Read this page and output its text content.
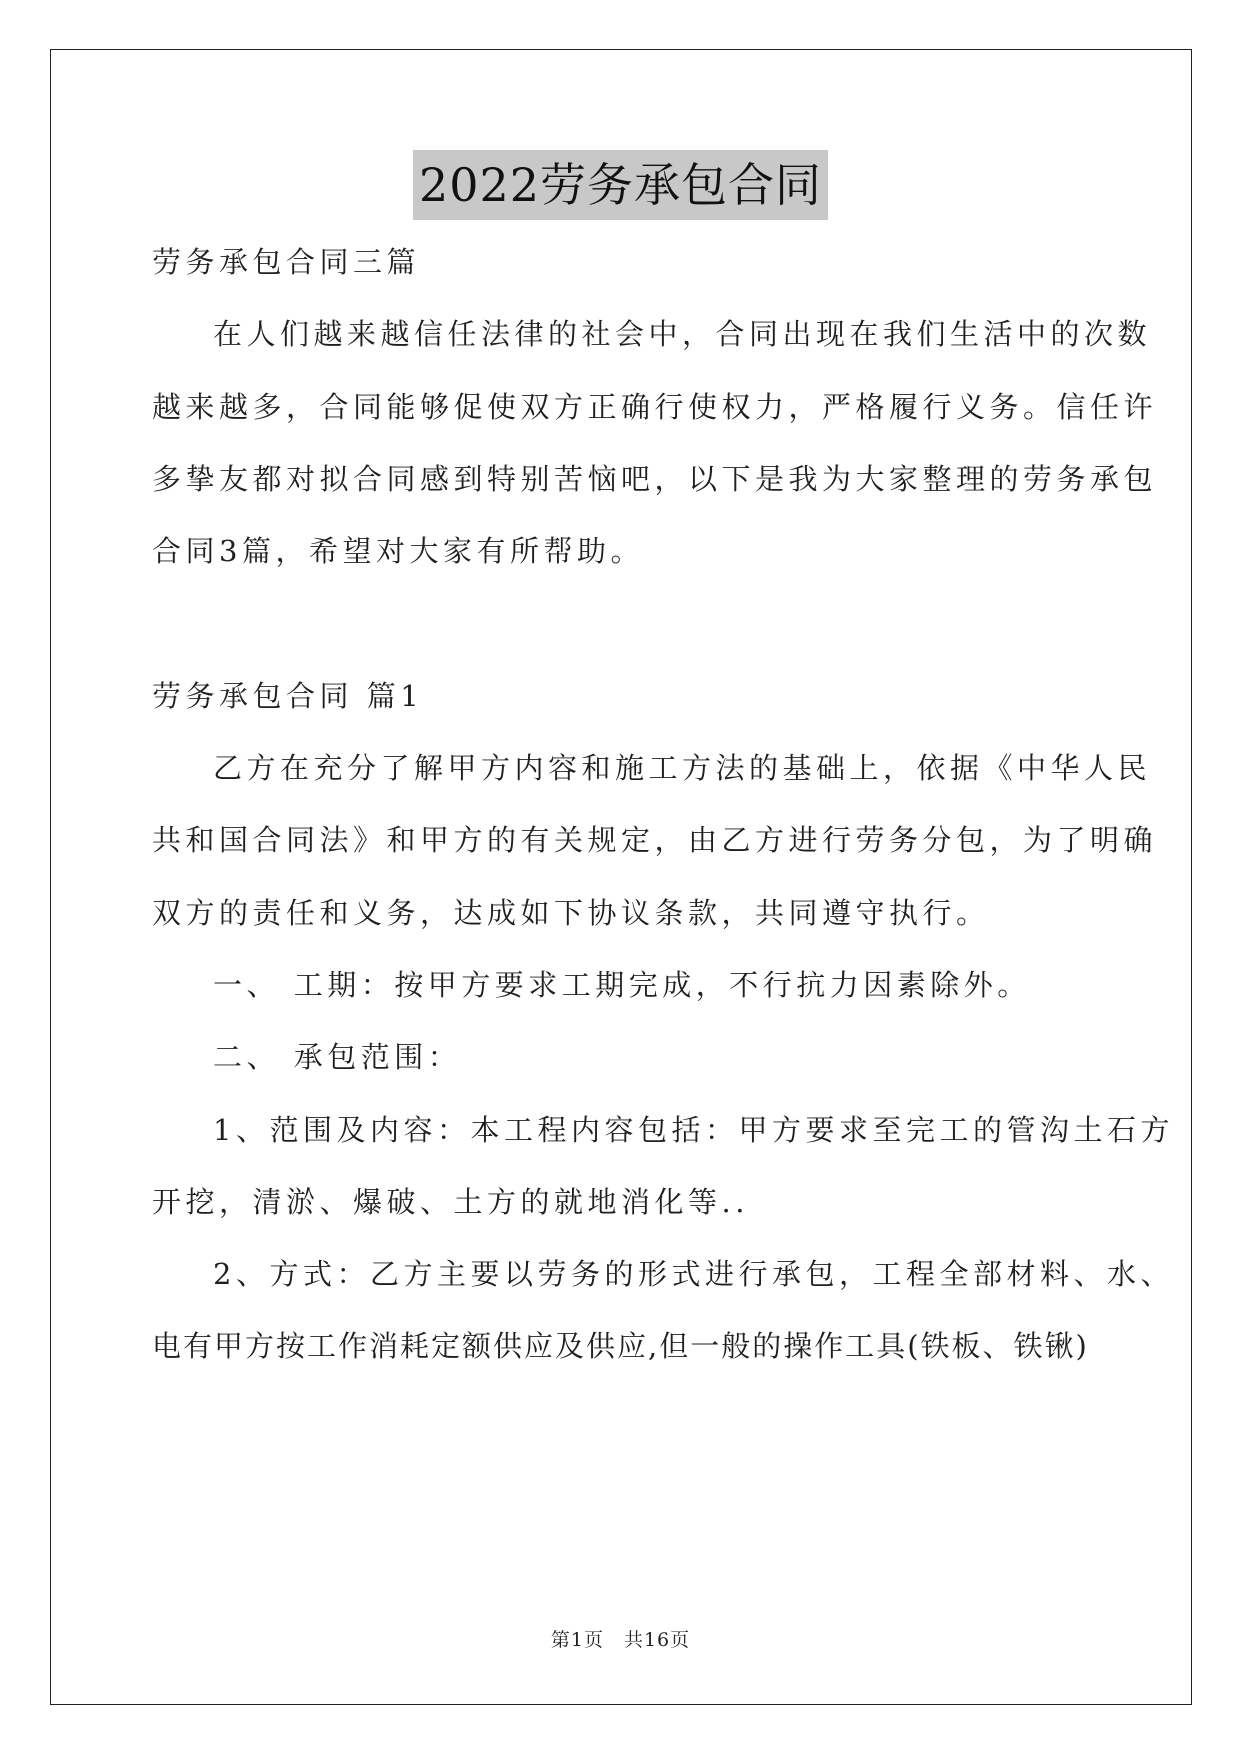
2022劳务承包合同
劳务承包合同三篇
在人们越来越信任法律的社会中，合同出现在我们生活中的次数
越来越多，合同能够促使双方正确行使权力，严格履行义务。信任许
多挚友都对拟合同感到特别苦恼吧，以下是我为大家整理的劳务承包
合同3篇，希望对大家有所帮助。
劳务承包合同 篇1
乙方在充分了解甲方内容和施工方法的基础上，依据《中华人民
共和国合同法》和甲方的有关规定，由乙方进行劳务分包，为了明确
双方的责任和义务，达成如下协议条款，共同遵守执行。
一、 工期：按甲方要求工期完成，不行抗力因素除外。
二、 承包范围：
1、范围及内容：本工程内容包括：甲方要求至完工的管沟土石方
开挖，清淤、爆破、土方的就地消化等..
2、方式：乙方主要以劳务的形式进行承包，工程全部材料、水、
电有甲方按工作消耗定额供应及供应,但一般的操作工具(铁板、铁锹)
第1页　共16页
